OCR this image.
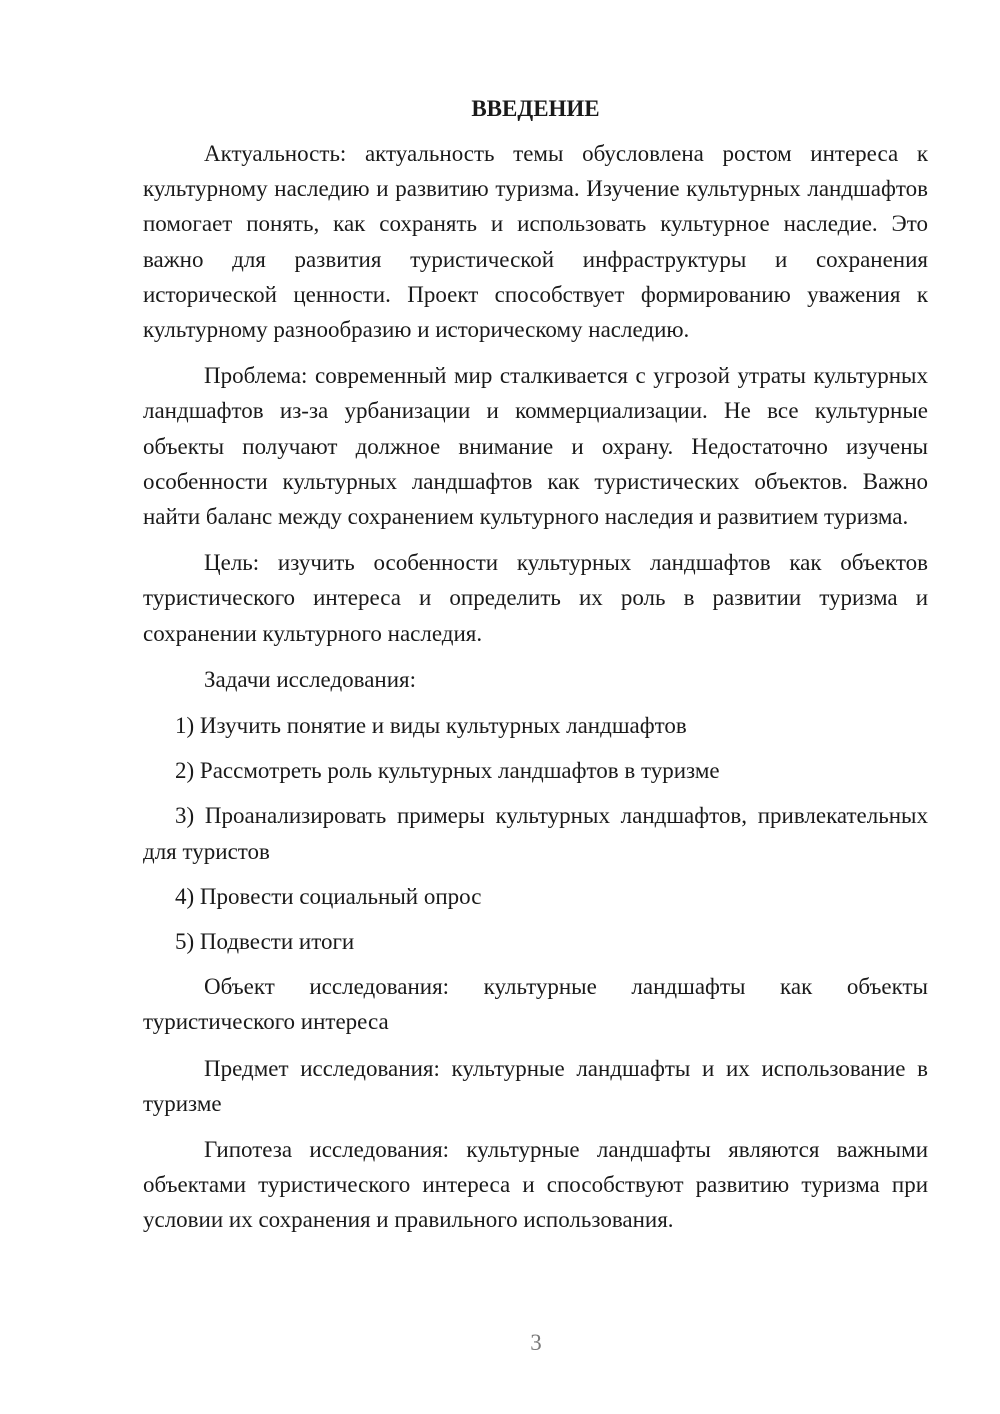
ВВЕДЕНИЕ

Актуальность: актуальность темы обусловлена ростом интереса к культурному наследию и развитию туризма. Изучение культурных ландшафтов помогает понять, как сохранять и использовать культурное наследие. Это важно для развития туристической инфраструктуры и сохранения исторической ценности. Проект способствует формированию уважения к культурному разнообразию и историческому наследию.

Проблема: современный мир сталкивается с угрозой утраты культурных ландшафтов из-за урбанизации и коммерциализации. Не все культурные объекты получают должное внимание и охрану. Недостаточно изучены особенности культурных ландшафтов как туристических объектов. Важно найти баланс между сохранением культурного наследия и развитием туризма.

Цель: изучить особенности культурных ландшафтов как объектов туристического интереса и определить их роль в развитии туризма и сохранении культурного наследия.

Задачи исследования:

1) Изучить понятие и виды культурных ландшафтов

2) Рассмотреть роль культурных ландшафтов в туризме

3) Проанализировать примеры культурных ландшафтов, привлекательных для туристов

4) Провести социальный опрос

5) Подвести итоги

Объект исследования: культурные ландшафты как объекты туристического интереса

Предмет исследования: культурные ландшафты и их использование в туризме

Гипотеза исследования: культурные ландшафты являются важными объектами туристического интереса и способствуют развитию туризма при условии их сохранения и правильного использования.

3
